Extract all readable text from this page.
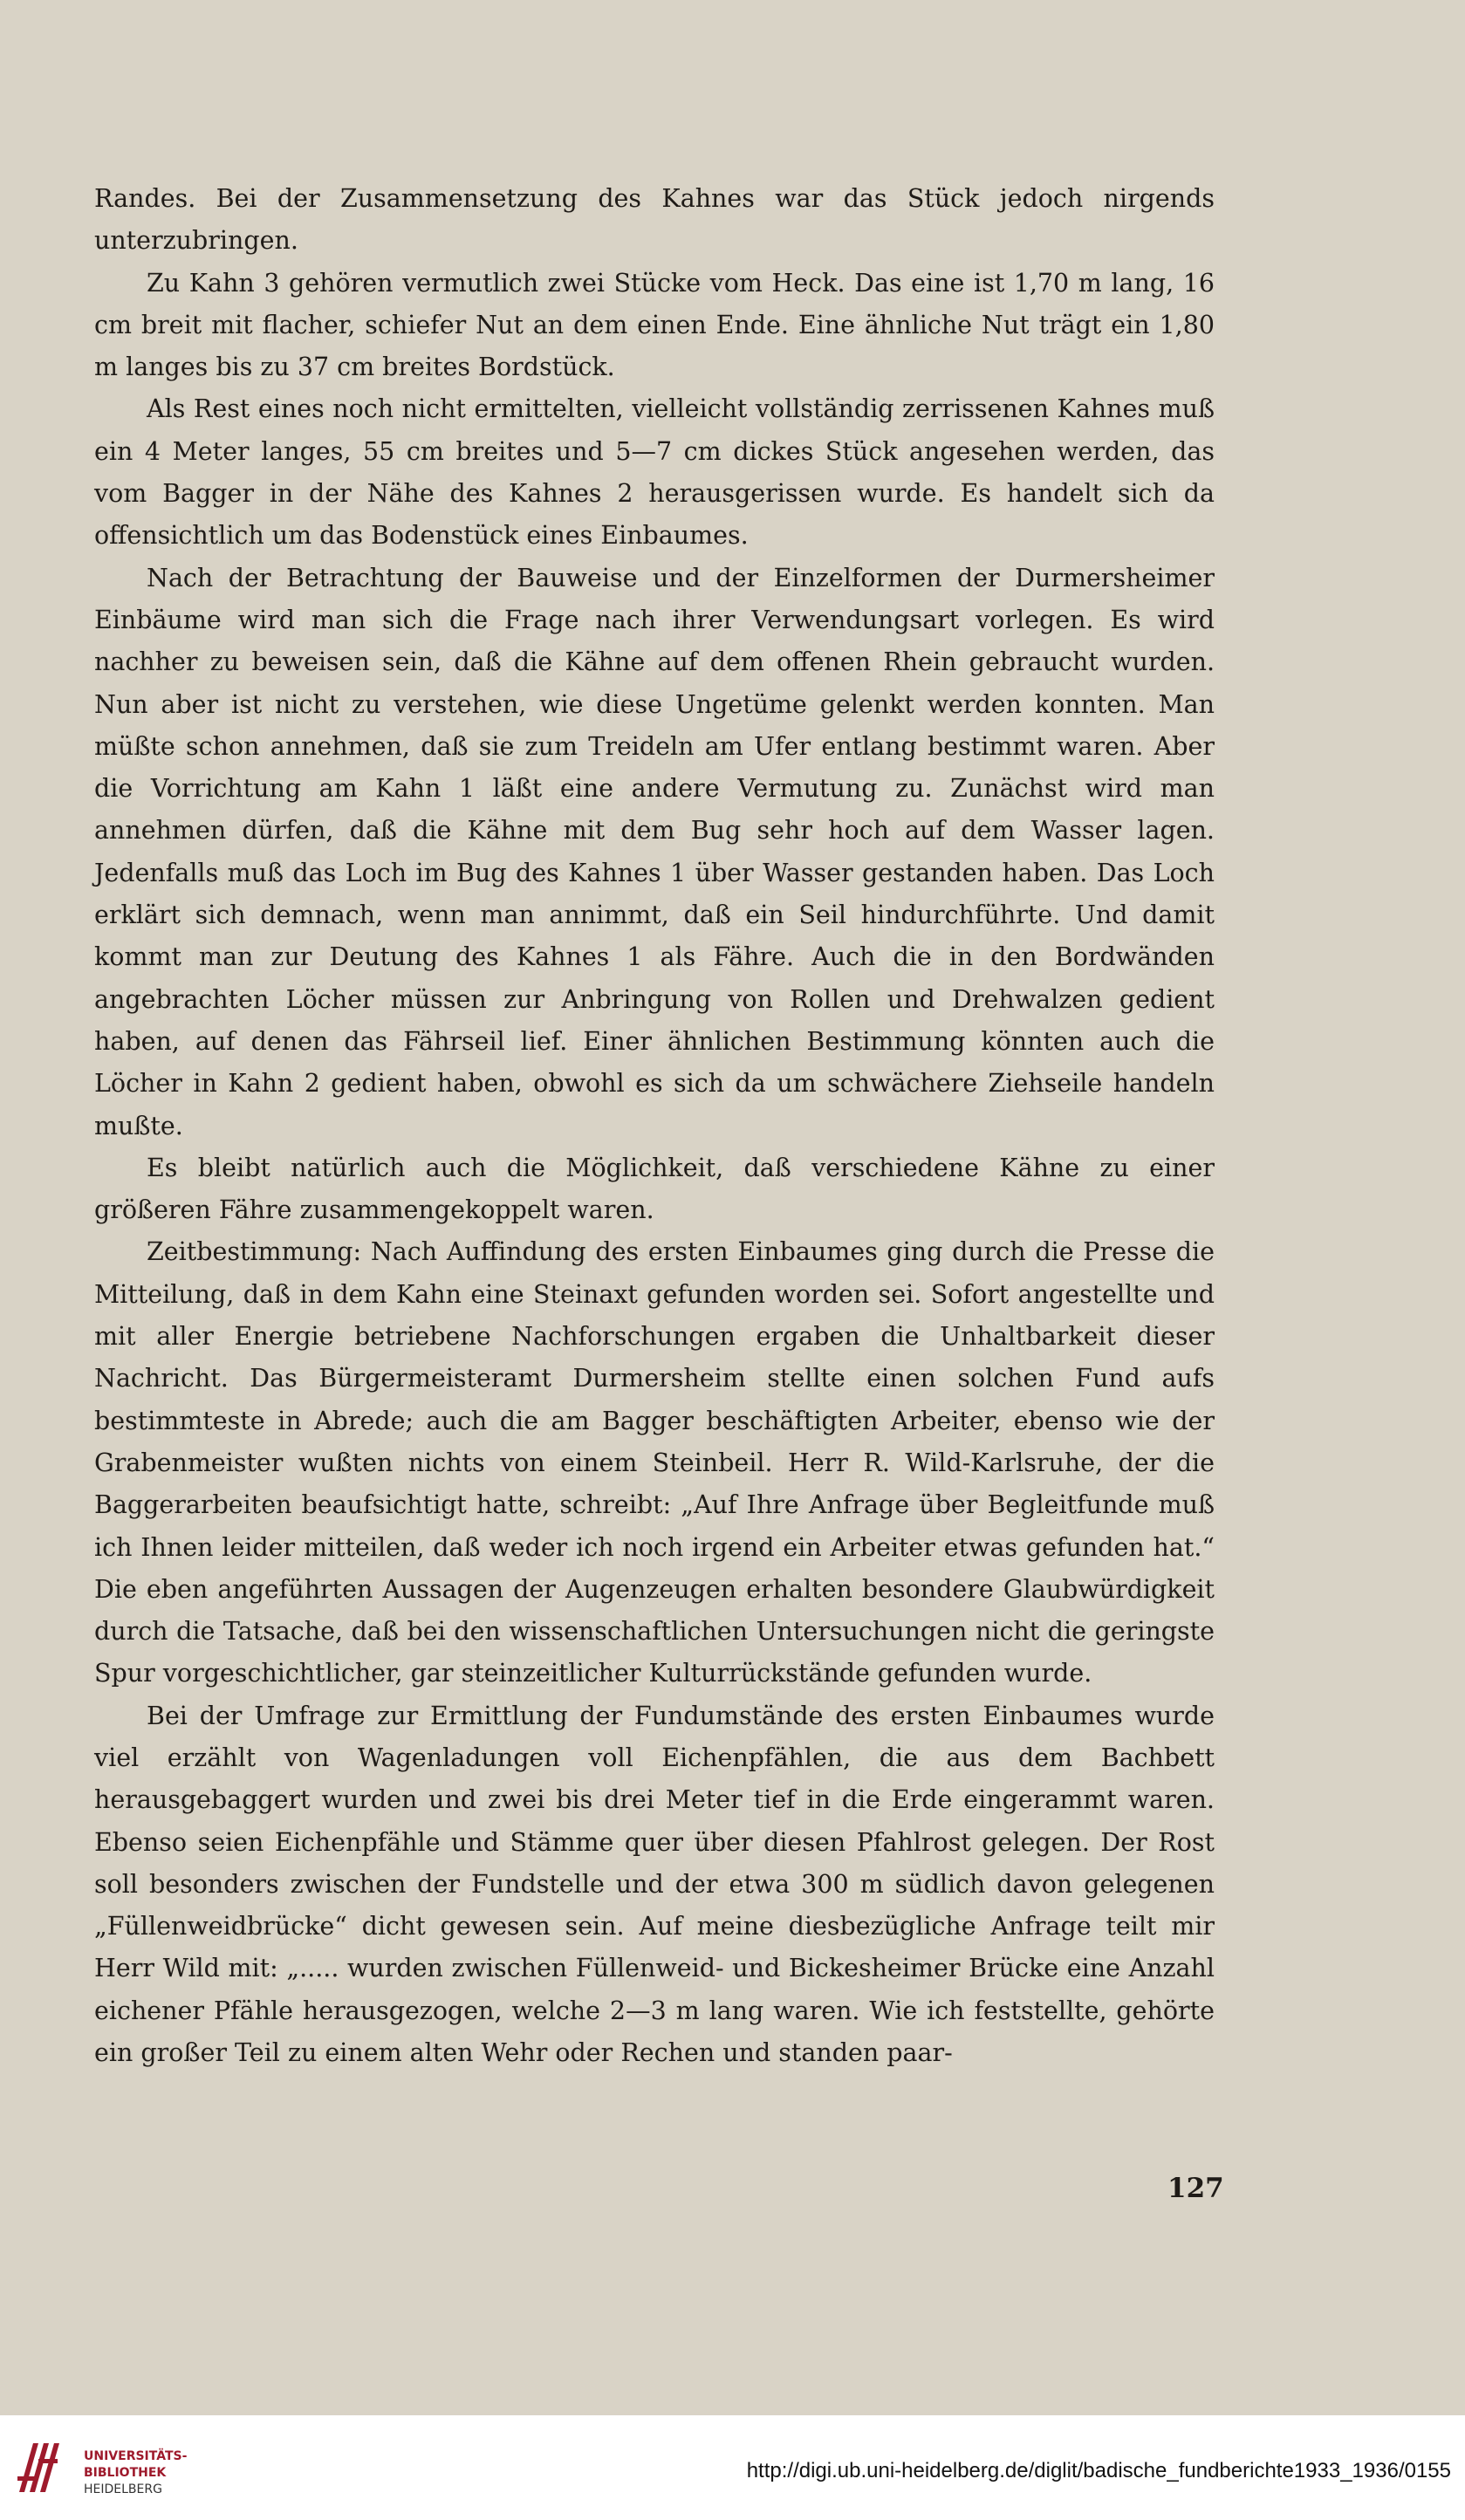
Randes. Bei der Zusammensetzung des Kahnes war das Stück jedoch nirgends unterzubringen.

Zu Kahn 3 gehören vermutlich zwei Stücke vom Heck. Das eine ist 1,70 m lang, 16 cm breit mit flacher, schiefer Nut an dem einen Ende. Eine ähnliche Nut trägt ein 1,80 m langes bis zu 37 cm breites Bordstück.

Als Rest eines noch nicht ermittelten, vielleicht vollständig zerrissenen Kahnes muß ein 4 Meter langes, 55 cm breites und 5—7 cm dickes Stück angesehen werden, das vom Bagger in der Nähe des Kahnes 2 herausgerissen wurde. Es handelt sich da offensichtlich um das Bodenstück eines Einbaumes.

Nach der Betrachtung der Bauweise und der Einzelformen der Durmersheimer Einbäume wird man sich die Frage nach ihrer Verwendungsart vorlegen. Es wird nachher zu beweisen sein, daß die Kähne auf dem offenen Rhein gebraucht wurden. Nun aber ist nicht zu verstehen, wie diese Ungetüme gelenkt werden konnten. Man müßte schon annehmen, daß sie zum Treideln am Ufer entlang bestimmt waren. Aber die Vorrichtung am Kahn 1 läßt eine andere Vermutung zu. Zunächst wird man annehmen dürfen, daß die Kähne mit dem Bug sehr hoch auf dem Wasser lagen. Jedenfalls muß das Loch im Bug des Kahnes 1 über Wasser gestanden haben. Das Loch erklärt sich demnach, wenn man annimmt, daß ein Seil hindurchführte. Und damit kommt man zur Deutung des Kahnes 1 als Fähre. Auch die in den Bordwänden angebrachten Löcher müssen zur Anbringung von Rollen und Drehwalzen gedient haben, auf denen das Fährseil lief. Einer ähnlichen Bestimmung könnten auch die Löcher in Kahn 2 gedient haben, obwohl es sich da um schwächere Ziehseile handeln mußte.

Es bleibt natürlich auch die Möglichkeit, daß verschiedene Kähne zu einer größeren Fähre zusammengekoppelt waren.

Zeitbestimmung: Nach Auffindung des ersten Einbaumes ging durch die Presse die Mitteilung, daß in dem Kahn eine Steinaxt gefunden worden sei. Sofort angestellte und mit aller Energie betriebene Nachforschungen ergaben die Unhaltbarkeit dieser Nachricht. Das Bürgermeisteramt Durmersheim stellte einen solchen Fund aufs bestimmteste in Abrede; auch die am Bagger beschäftigten Arbeiter, ebenso wie der Grabenmeister wußten nichts von einem Steinbeil. Herr R. Wild-Karlsruhe, der die Baggerarbeiten beaufsichtigt hatte, schreibt: „Auf Ihre Anfrage über Begleitfunde muß ich Ihnen leider mitteilen, daß weder ich noch irgend ein Arbeiter etwas gefunden hat.“ Die eben angeführten Aussagen der Augenzeugen erhalten besondere Glaubwürdigkeit durch die Tatsache, daß bei den wissenschaftlichen Untersuchungen nicht die geringste Spur vorgeschichtlicher, gar steinzeitlicher Kulturrückstände gefunden wurde.

Bei der Umfrage zur Ermittlung der Fundumstände des ersten Einbaumes wurde viel erzählt von Wagenladungen voll Eichenpfählen, die aus dem Bachbett herausgebaggert wurden und zwei bis drei Meter tief in die Erde eingerammt waren. Ebenso seien Eichenpfähle und Stämme quer über diesen Pfahlrost gelegen. Der Rost soll besonders zwischen der Fundstelle und der etwa 300 m südlich davon gelegenen „Füllenweidbrücke“ dicht gewesen sein. Auf meine diesbezügliche Anfrage teilt mir Herr Wild mit: „..... wurden zwischen Füllenweid- und Bickesheimer Brücke eine Anzahl eichener Pfähle herausgezogen, welche 2—3 m lang waren. Wie ich feststellte, gehörte ein großer Teil zu einem alten Wehr oder Rechen und standen paar-

127
UNIVERSITÄTS-
BIBLIOTHEK
HEIDELBERG
http://digi.ub.uni-heidelberg.de/diglit/badische_fundberichte1933_1936/0155
